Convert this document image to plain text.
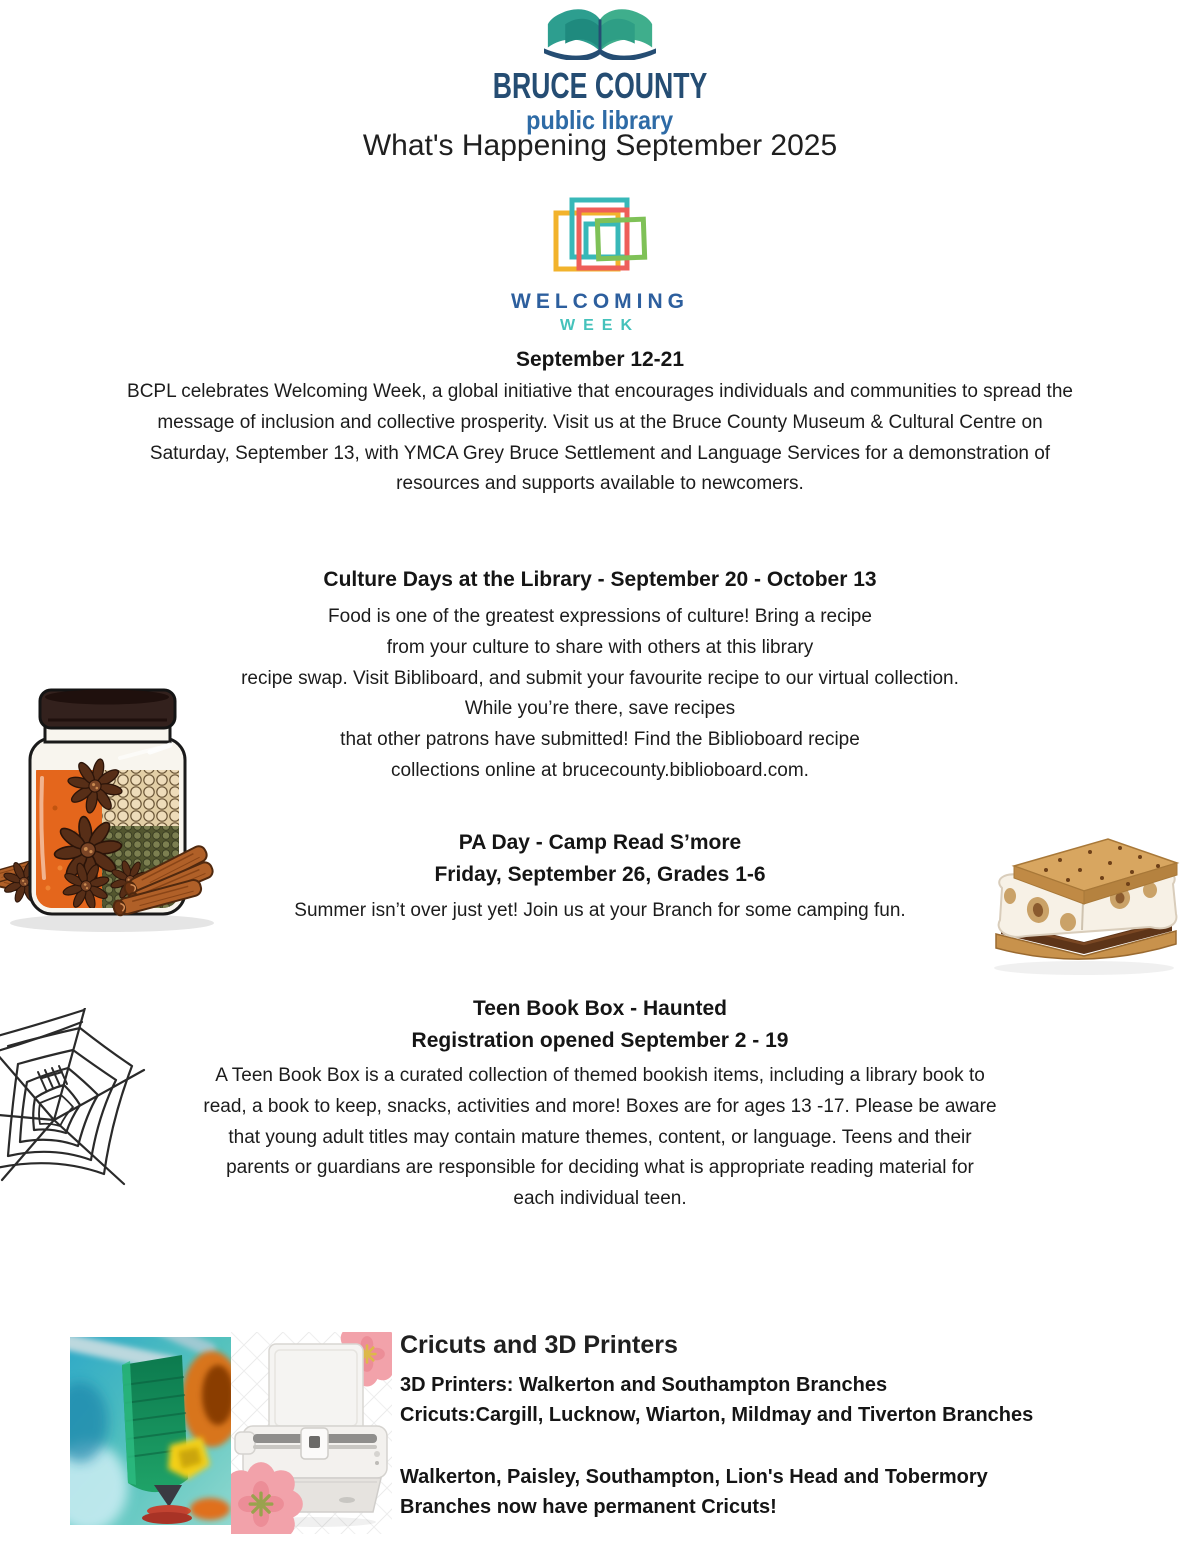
BRUCE COUNTY
public library
What's Happening September 2025
WELCOMING
WEEK
September 12-21
BCPL celebrates Welcoming Week, a global initiative that encourages individuals and communities to spread the
message of inclusion and collective prosperity. Visit us at the Bruce County Museum & Cultural Centre on
Saturday, September 13, with YMCA Grey Bruce Settlement and Language Services for a demonstration of
resources and supports available to newcomers.
Culture Days at the Library - September 20 - October 13
Food is one of the greatest expressions of culture! Bring a recipe
from your culture to share with others at this library
recipe swap. Visit Bibliboard, and submit your favourite recipe to our virtual collection.
While you’re there, save recipes
that other patrons have submitted! Find the Biblioboard recipe
collections online at brucecounty.biblioboard.com.
PA Day - Camp Read S’more
Friday, September 26, Grades 1-6
Summer isn’t over just yet! Join us at your Branch for some camping fun.
Teen Book Box - Haunted
Registration opened September 2 - 19
A Teen Book Box is a curated collection of themed bookish items, including a library book to
read, a book to keep, snacks, activities and more! Boxes are for ages 13 -17. Please be aware
that young adult titles may contain mature themes, content, or language. Teens and their
parents or guardians are responsible for deciding what is appropriate reading material for
each individual teen.
Cricuts and 3D Printers
3D Printers: Walkerton and Southampton Branches
Cricuts:Cargill, Lucknow, Wiarton, Mildmay and Tiverton Branches
Walkerton, Paisley, Southampton, Lion's Head and Tobermory
Branches now have permanent Cricuts!
